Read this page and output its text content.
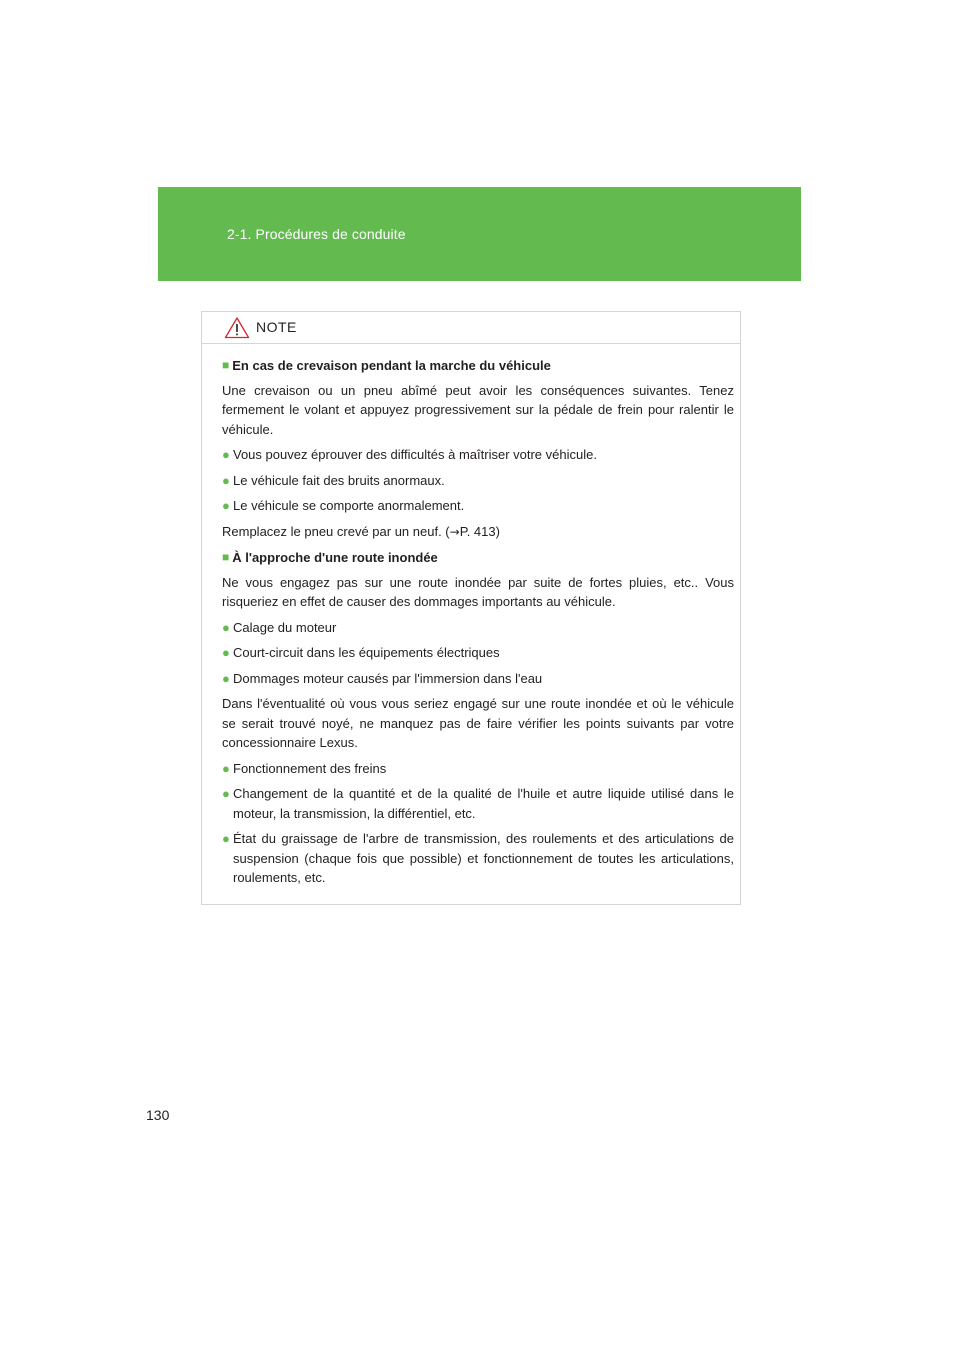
2-1. Procédures de conduite
NOTE
■ En cas de crevaison pendant la marche du véhicule

Une crevaison ou un pneu abîmé peut avoir les conséquences suivantes. Tenez fermement le volant et appuyez progressivement sur la pédale de frein pour ralentir le véhicule.

● Vous pouvez éprouver des difficultés à maîtriser votre véhicule.
● Le véhicule fait des bruits anormaux.
● Le véhicule se comporte anormalement.

Remplacez le pneu crevé par un neuf. (→P. 413)

■ À l'approche d'une route inondée

Ne vous engagez pas sur une route inondée par suite de fortes pluies, etc.. Vous risqueriez en effet de causer des dommages importants au véhicule.

● Calage du moteur
● Court-circuit dans les équipements électriques
● Dommages moteur causés par l'immersion dans l'eau

Dans l'éventualité où vous vous seriez engagé sur une route inondée et où le véhicule se serait trouvé noyé, ne manquez pas de faire vérifier les points suivants par votre concessionnaire Lexus.

● Fonctionnement des freins
● Changement de la quantité et de la qualité de l'huile et autre liquide utilisé dans le moteur, la transmission, la différentiel, etc.
● État du graissage de l'arbre de transmission, des roulements et des articulations de suspension (chaque fois que possible) et fonctionnement de toutes les articulations, roulements, etc.
130
